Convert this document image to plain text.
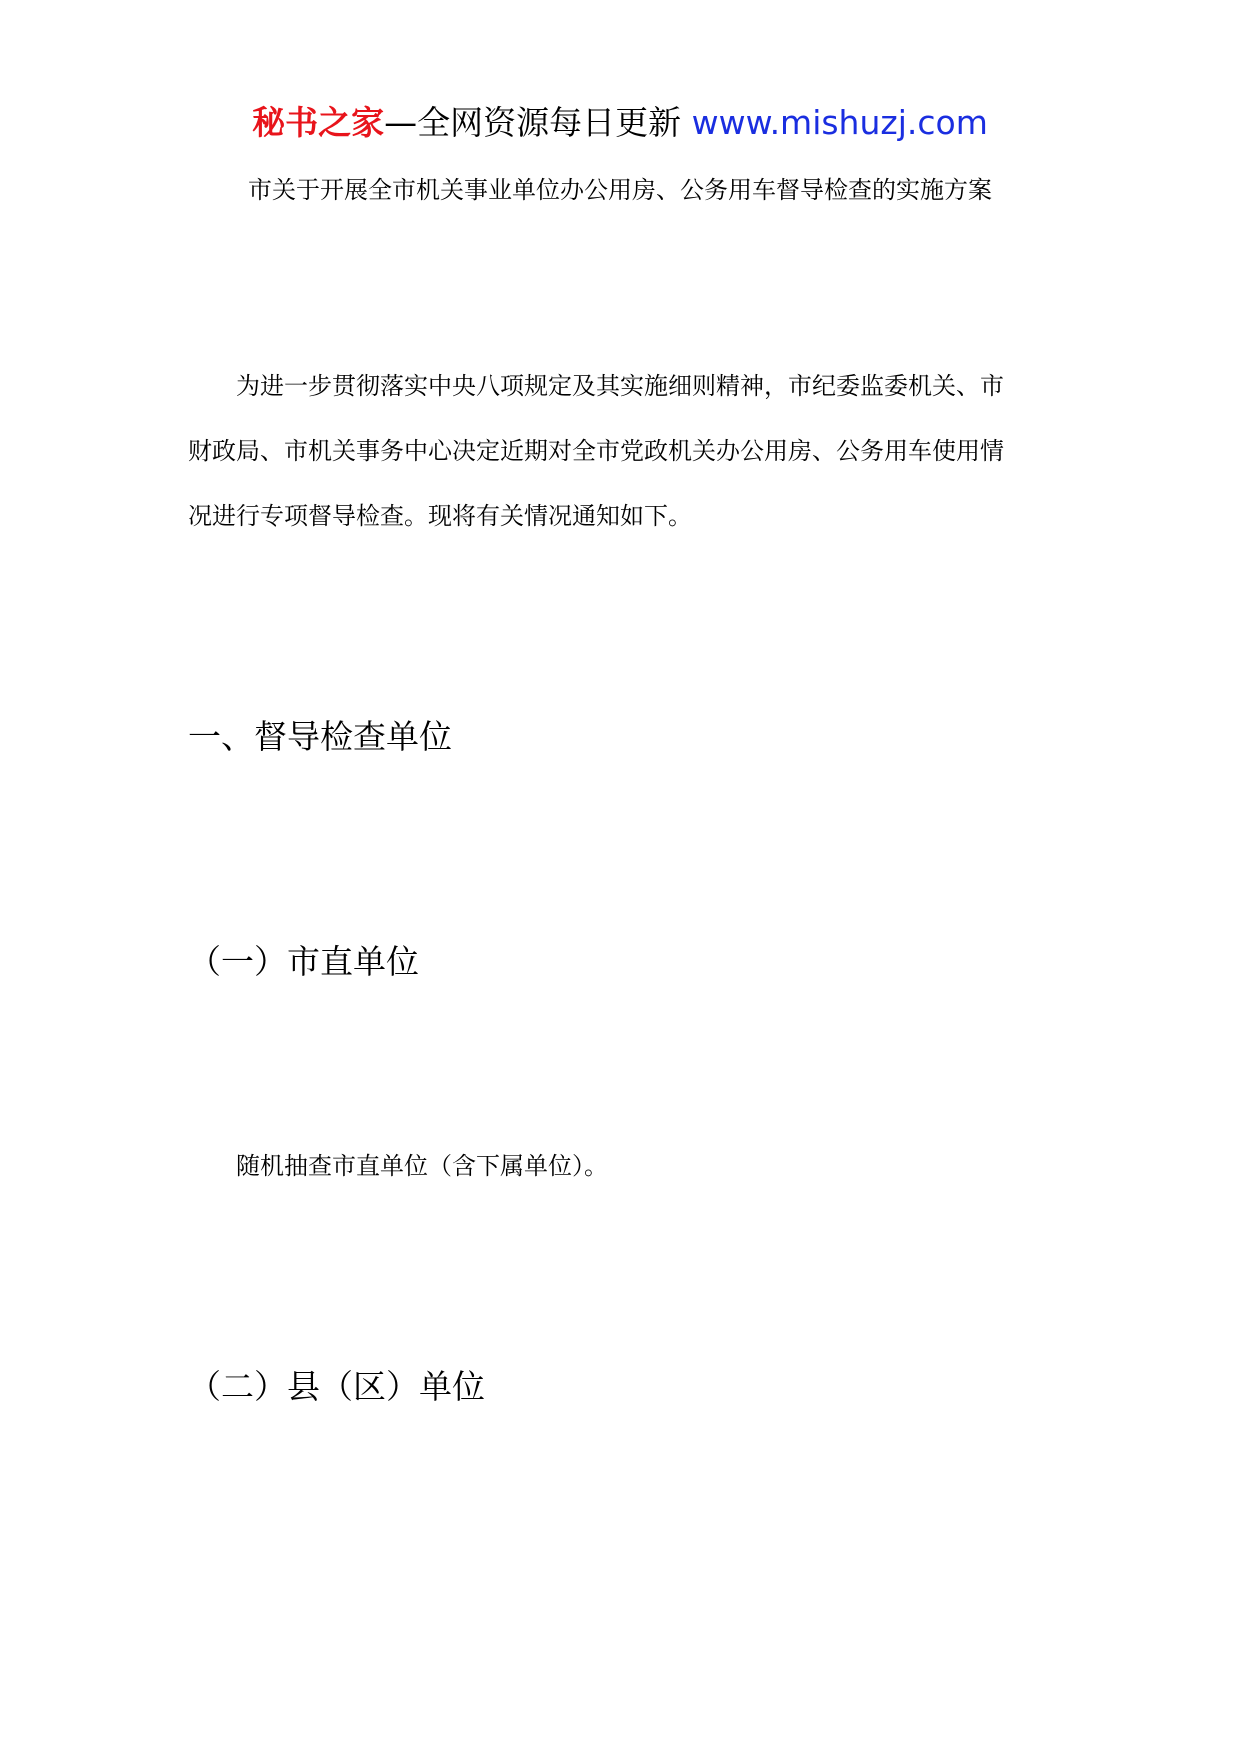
秘书之家—全网资源每日更新 www.mishuzj.com
市关于开展全市机关事业单位办公用房、公务用车督导检查的实施方案
为进一步贯彻落实中央八项规定及其实施细则精神，市纪委监委机关、市
财政局、市机关事务中心决定近期对全市党政机关办公用房、公务用车使用情
况进行专项督导检查。现将有关情况通知如下。
一、督导检查单位
（一）市直单位
随机抽查市直单位（含下属单位）。
（二）县（区）单位
